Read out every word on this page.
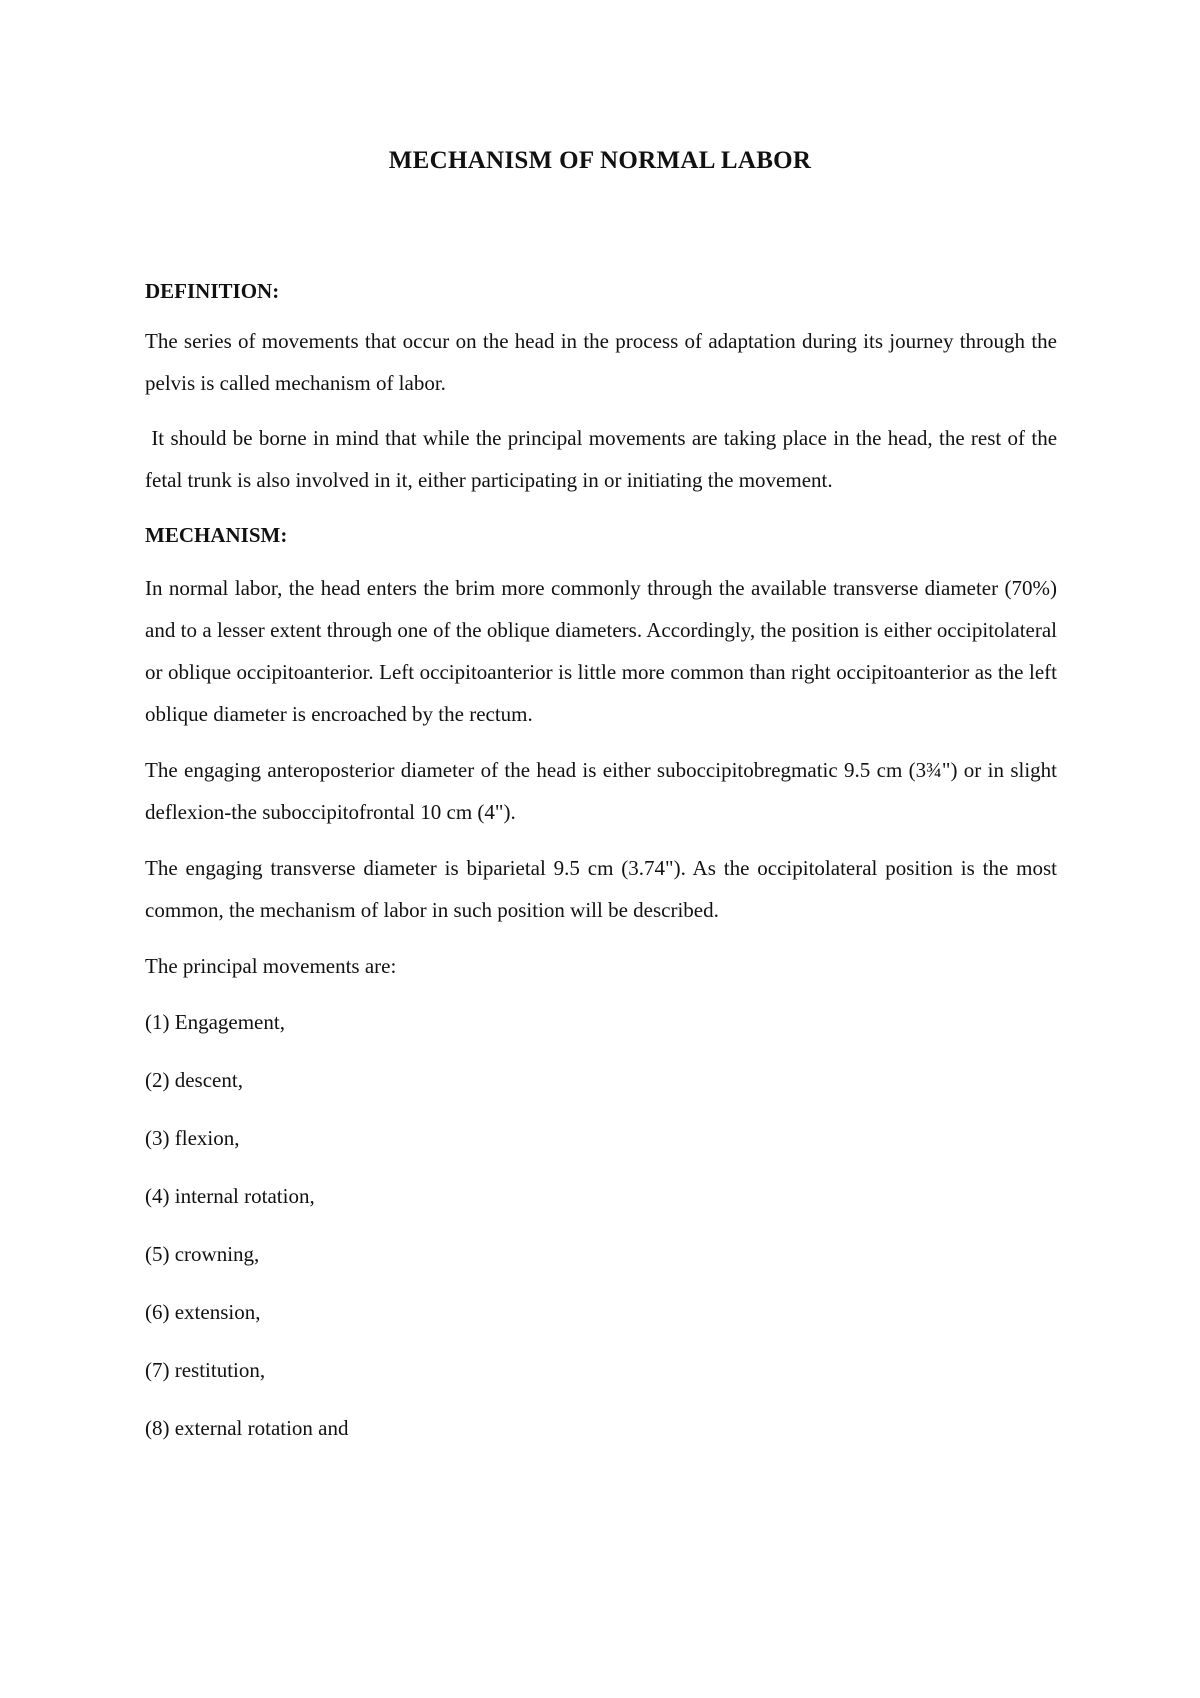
MECHANISM OF NORMAL LABOR

DEFINITION:

The series of movements that occur on the head in the process of adaptation during its journey through the pelvis is called mechanism of labor.

It should be borne in mind that while the principal movements are taking place in the head, the rest of the fetal trunk is also involved in it, either participating in or initiating the movement.

MECHANISM:

In normal labor, the head enters the brim more commonly through the available transverse diameter (70%) and to a lesser extent through one of the oblique diameters. Accordingly, the position is either occipitolateral or oblique occipitoanterior. Left occipitoanterior is little more common than right occipitoanterior as the left oblique diameter is encroached by the rectum.

The engaging anteroposterior diameter of the head is either suboccipitobregmatic 9.5 cm (3¾") or in slight deflexion-the suboccipitofrontal 10 cm (4").

The engaging transverse diameter is biparietal 9.5 cm (3.74"). As the occipitolateral position is the most common, the mechanism of labor in such position will be described.

The principal movements are:

(1) Engagement,
(2) descent,
(3) flexion,
(4) internal rotation,
(5) crowning,
(6) extension,
(7) restitution,
(8) external rotation and
